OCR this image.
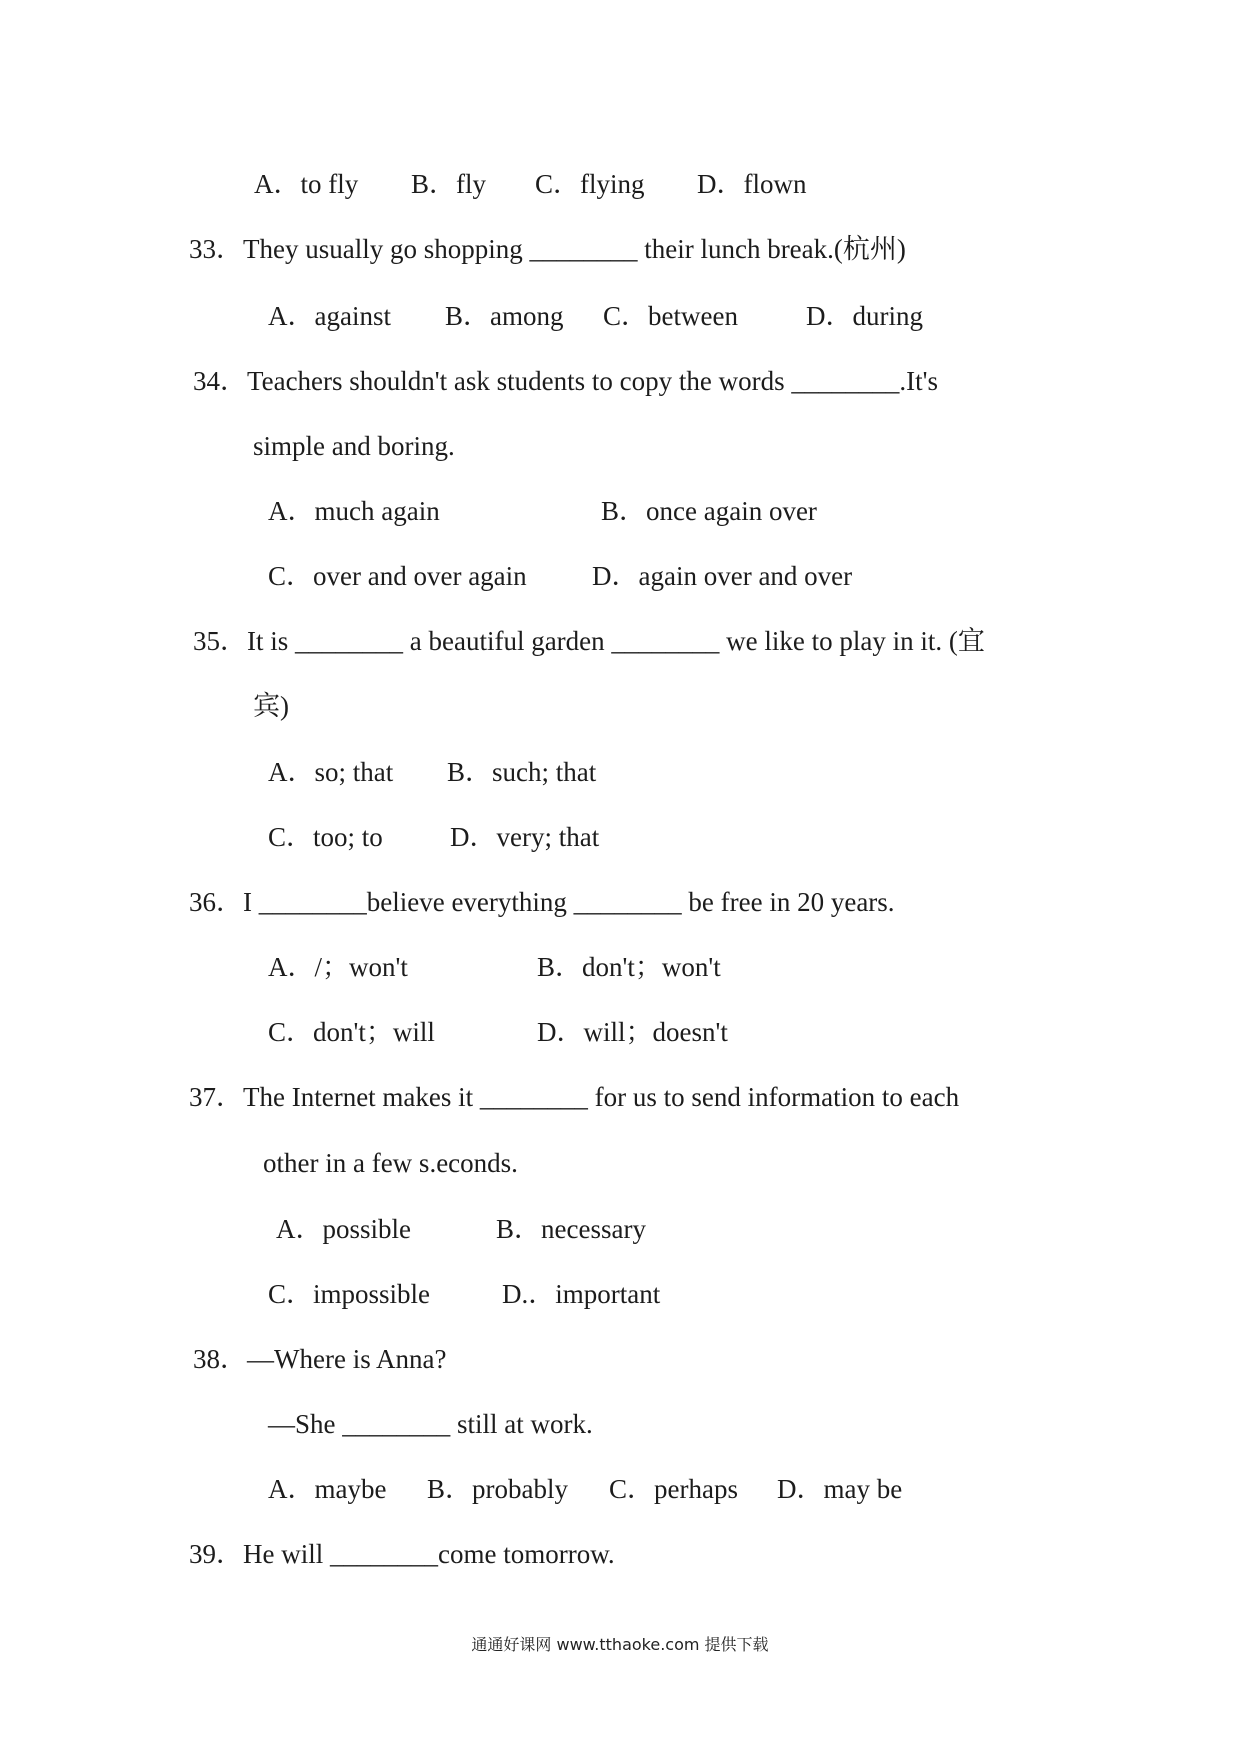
A．to fly B．fly C．flying D．flown
33．They usually go shopping ________ their lunch break.(杭州)
A．against B．among C．between	D．during
34．Teachers shouldn't ask students to copy the words ________.It's
simple and boring.
A．much again	B．once again over
C．over and over again D．again over and over
35．It is ________ a beautiful garden ________ we like to play in it. (宜
宾)
A．so; that B．such; that
C．too; to D．very; that
36．I ________believe everything ________ be free in 20 years.
A．/；won't	B．don't；won't
C．don't；will	D．will；doesn't
37．The Internet makes it ________ for us to send information to each
other in a few s.econds.
A．possible	B．necessary
C．impossible	D.．important
38．—Where is Anna?
—She ________ still at work.
A．maybe B．probably C．perhaps D．may be
39．He will ________come tomorrow.
通通好课网 www.tthaoke.com 提供下载
